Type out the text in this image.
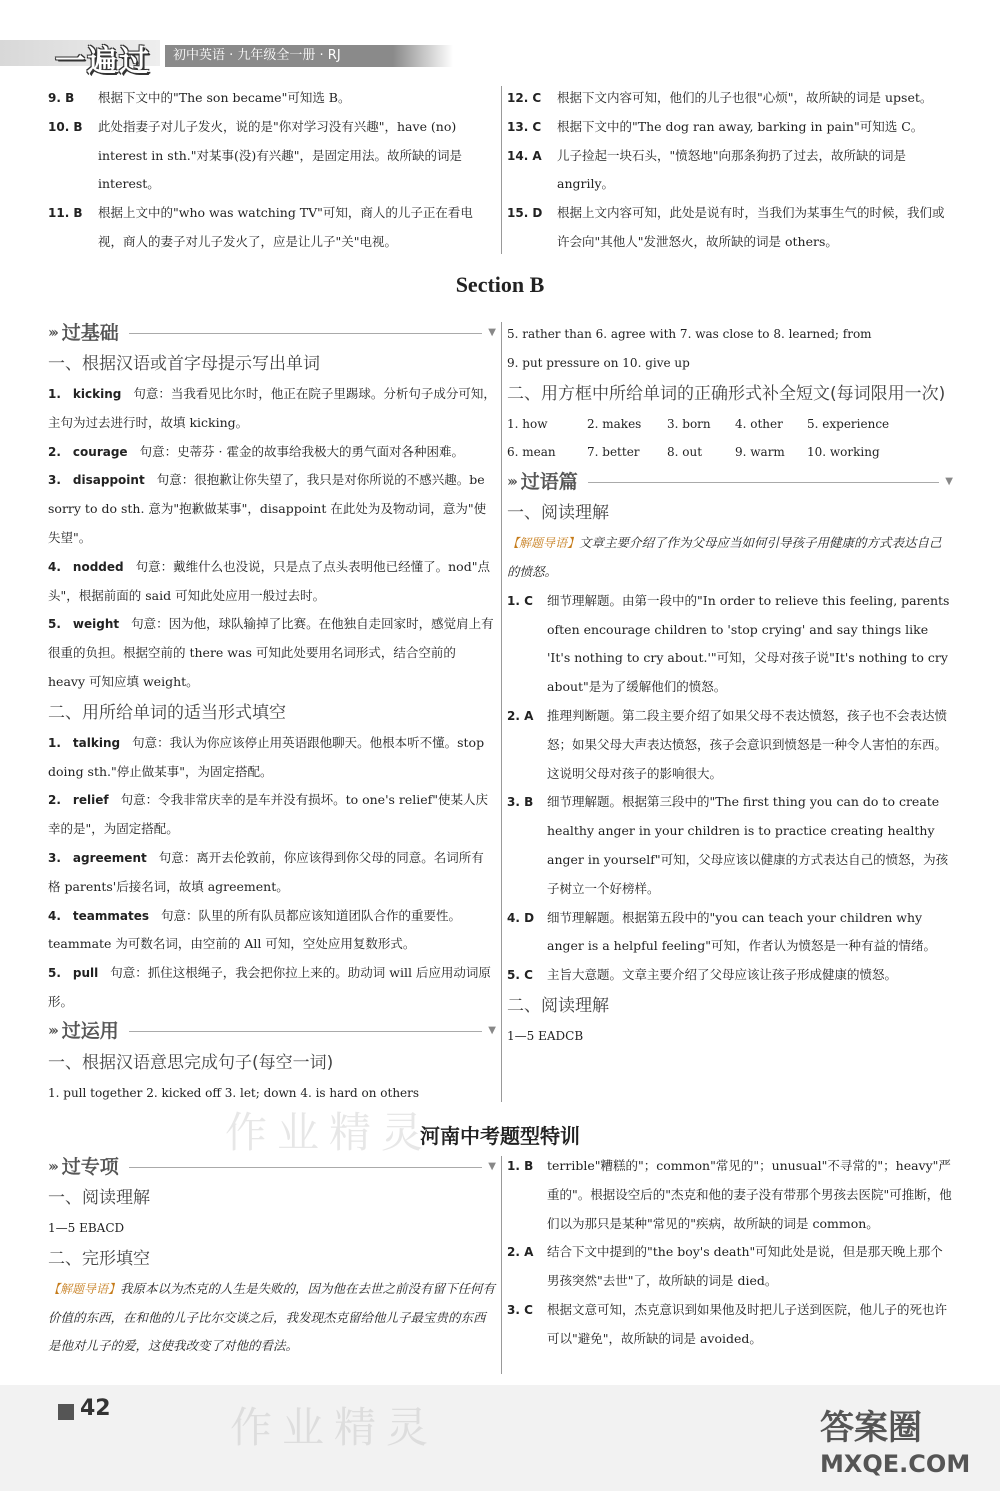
一遍过	初中英语 · 九年级全一册 · RJ
9. B 根据下文中的"The son became"可知选 B。
10. B 此处指妻子对儿子发火，说的是"你对学习没有兴趣"，have (no) interest in sth."对某事(没)有兴趣"，是固定用法。故所缺的词是 interest。
11. B 根据上文中的"who was watching TV"可知，商人的儿子正在看电视，商人的妻子对儿子发火了，应是让儿子"关"电视。
12. C 根据下文内容可知，他们的儿子也很"心烦"，故所缺的词是 upset。
13. C 根据下文中的"The dog ran away, barking in pain"可知选 C。
14. A 儿子捡起一块石头，"愤怒地"向那条狗扔了过去，故所缺的词是 angrily。
15. D 根据上文内容可知，此处是说有时，当我们为某事生气的时候，我们或许会向"其他人"发泄怒火，故所缺的词是 others。
Section B
››› 过基础	▼

一、根据汉语或首字母提示写出单词

1. kicking 句意：当我看见比尔时，他正在院子里踢球。分析句子成分可知，主句为过去进行时，故填 kicking。
2. courage 句意：史蒂芬 · 霍金的故事给我极大的勇气面对各种困难。
3. disappoint 句意：很抱歉让你失望了，我只是对你所说的不感兴趣。be sorry to do sth. 意为"抱歉做某事"，disappoint 在此处为及物动词，意为"使失望"。
4. nodded 句意：戴维什么也没说，只是点了点头表明他已经懂了。nod"点头"，根据前面的 said 可知此处应用一般过去时。
5. weight 句意：因为他，球队输掉了比赛。在他独自走回家时，感觉肩上有很重的负担。根据空前的 there was 可知此处要用名词形式，结合空前的 heavy 可知应填 weight。

二、用所给单词的适当形式填空

1. talking 句意：我认为你应该停止用英语跟他聊天。他根本听不懂。stop doing sth."停止做某事"，为固定搭配。
2. relief 句意：令我非常庆幸的是车并没有损坏。to one's relief"使某人庆幸的是"，为固定搭配。
3. agreement 句意：离开去伦敦前，你应该得到你父母的同意。名词所有格 parents'后接名词，故填 agreement。
4. teammates 句意：队里的所有队员都应该知道团队合作的重要性。teammate 为可数名词，由空前的 All 可知，空处应用复数形式。
5. pull 句意：抓住这根绳子，我会把你拉上来的。助动词 will 后应用动词原形。
››› 过运用	▼

一、根据汉语意思完成句子(每空一词)

1. pull together 2. kicked off 3. let; down 4. is hard on others

5. rather than 6. agree with 7. was close to 8. learned; from

9. put pressure on 10. give up

二、用方框中所给单词的正确形式补全短文(每词限用一次)

1. how	2. makes	3. born	4. other	5. experience
6. mean	7. better	8. out	9. warm	10. working
››› 过语篇	▼

一、阅读理解

【解题导语】文章主要介绍了作为父母应当如何引导孩子用健康的方式表达自己的愤怒。

1. C 细节理解题。由第一段中的"In order to relieve this feeling, parents often encourage children to 'stop crying' and say things like 'It's nothing to cry about.'"可知，父母对孩子说"It's nothing to cry about"是为了缓解他们的愤怒。
2. A 推理判断题。第二段主要介绍了如果父母不表达愤怒，孩子也不会表达愤怒；如果父母大声表达愤怒，孩子会意识到愤怒是一种令人害怕的东西。这说明父母对孩子的影响很大。
3. B 细节理解题。根据第三段中的"The first thing you can do to create healthy anger in your children is to practice creating healthy anger in yourself"可知，父母应该以健康的方式表达自己的愤怒，为孩子树立一个好榜样。
4. D 细节理解题。根据第五段中的"you can teach your children why anger is a helpful feeling"可知，作者认为愤怒是一种有益的情绪。
5. C 主旨大意题。文章主要介绍了父母应该让孩子形成健康的愤怒。

二、阅读理解

1—5 EADCB

河南中考题型特训
››› 过专项	▼

一、阅读理解

1—5 EBACD

二、完形填空

【解题导语】我原本以为杰克的人生是失败的，因为他在去世之前没有留下任何有价值的东西，在和他的儿子比尔交谈之后，我发现杰克留给他儿子最宝贵的东西是他对儿子的爱，这使我改变了对他的看法。

1. B terrible"糟糕的"；common"常见的"；unusual"不寻常的"；heavy"严重的"。根据设空后的"杰克和他的妻子没有带那个男孩去医院"可推断，他们以为那只是某种"常见的"疾病，故所缺的词是 common。
2. A 结合下文中提到的"the boy's death"可知此处是说，但是那天晚上那个男孩突然"去世"了，故所缺的词是 died。
3. C 根据文意可知，杰克意识到如果他及时把儿子送到医院，他儿子的死也许可以"避免"，故所缺的词是 avoided。
作业精灵
42	作业精灵	答案圈
MXQE.COM
